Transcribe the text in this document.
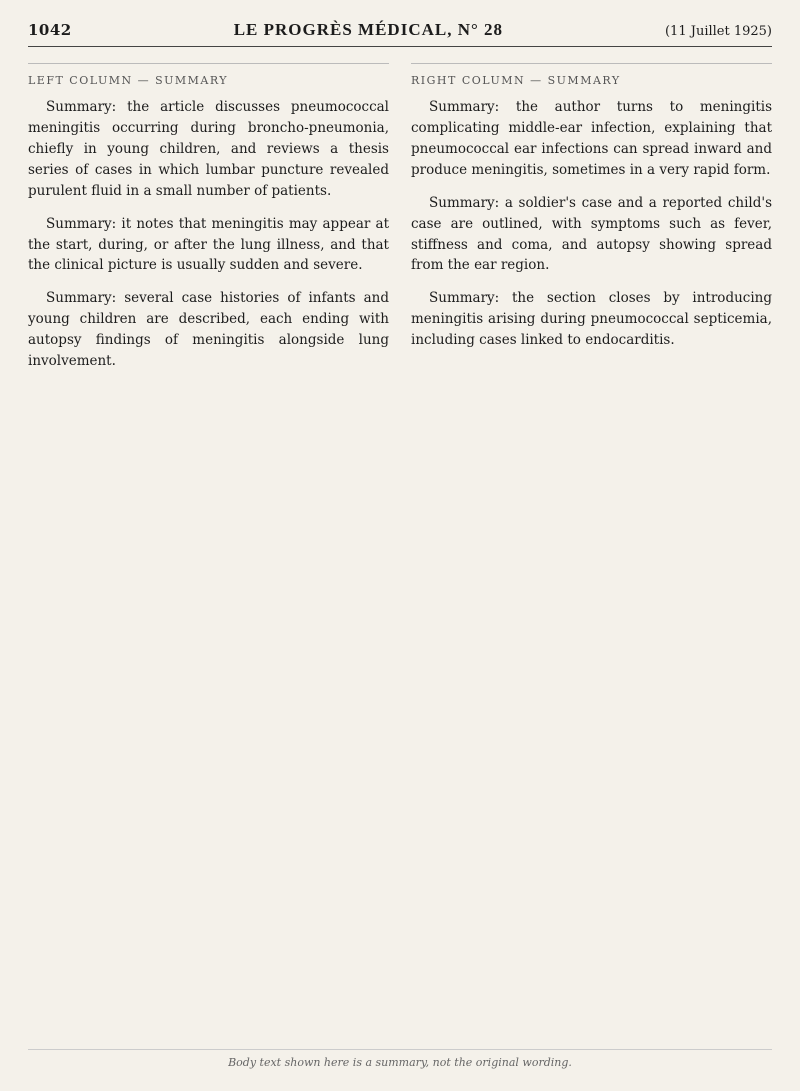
1042	LE PROGRÈS MÉDICAL, N° 28	(11 Juillet 1925)
LEFT COLUMN — SUMMARY

Summary: the article discusses pneumococcal meningitis occurring during broncho-pneumonia, chiefly in young children, and reviews a thesis series of cases in which lumbar puncture revealed purulent fluid in a small number of patients.

Summary: it notes that meningitis may appear at the start, during, or after the lung illness, and that the clinical picture is usually sudden and severe.

Summary: several case histories of infants and young children are described, each ending with autopsy findings of meningitis alongside lung involvement.

RIGHT COLUMN — SUMMARY

Summary: the author turns to meningitis complicating middle-ear infection, explaining that pneumococcal ear infections can spread inward and produce meningitis, sometimes in a very rapid form.

Summary: a soldier's case and a reported child's case are outlined, with symptoms such as fever, stiffness and coma, and autopsy showing spread from the ear region.

Summary: the section closes by introducing meningitis arising during pneumococcal septicemia, including cases linked to endocarditis.

Body text shown here is a summary, not the original wording.
